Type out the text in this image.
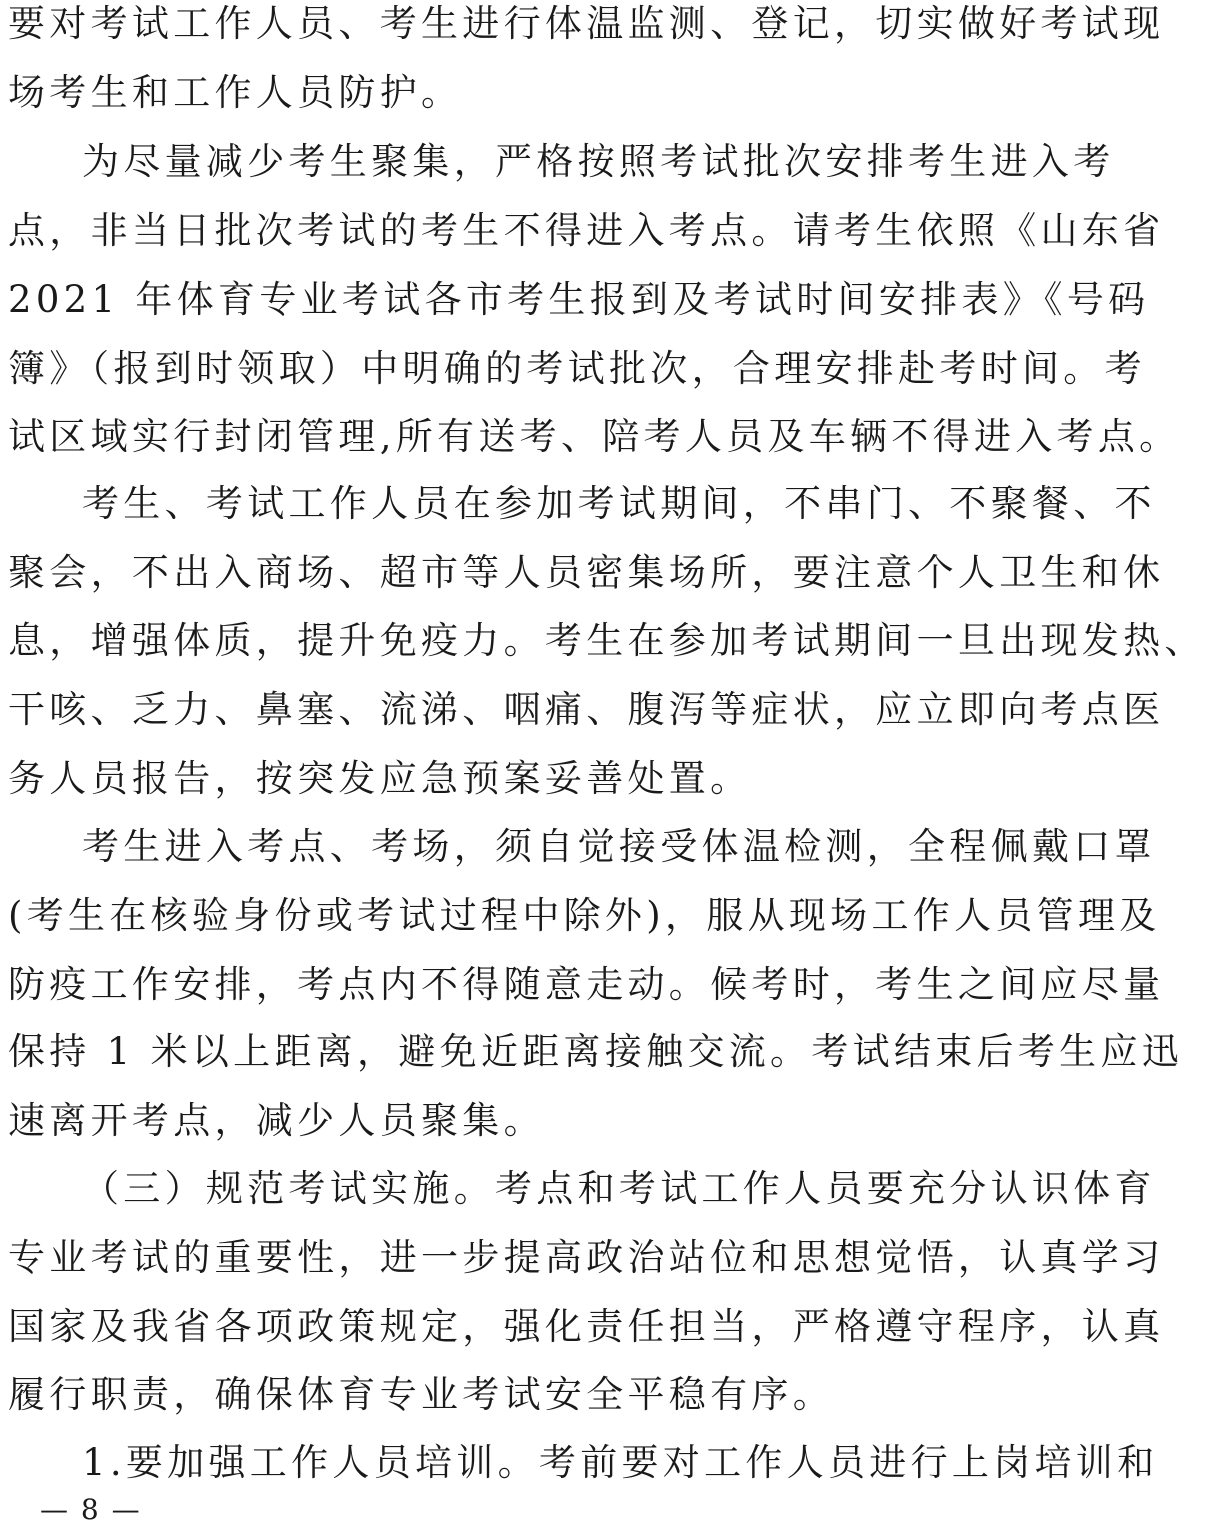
要对考试工作人员、考生进行体温监测、登记，切实做好考试现
场考生和工作人员防护。
为尽量减少考生聚集，严格按照考试批次安排考生进入考
点，非当日批次考试的考生不得进入考点。请考生依照《山东省
2021 年体育专业考试各市考生报到及考试时间安排表》《号码
簿》（报到时领取）中明确的考试批次，合理安排赴考时间。考
试区域实行封闭管理,所有送考、陪考人员及车辆不得进入考点。
考生、考试工作人员在参加考试期间，不串门、不聚餐、不
聚会，不出入商场、超市等人员密集场所，要注意个人卫生和休
息，增强体质，提升免疫力。考生在参加考试期间一旦出现发热、
干咳、乏力、鼻塞、流涕、咽痛、腹泻等症状，应立即向考点医
务人员报告，按突发应急预案妥善处置。
考生进入考点、考场，须自觉接受体温检测，全程佩戴口罩
(考生在核验身份或考试过程中除外)，服从现场工作人员管理及
防疫工作安排，考点内不得随意走动。候考时，考生之间应尽量
保持 1 米以上距离，避免近距离接触交流。考试结束后考生应迅
速离开考点，减少人员聚集。
（三）规范考试实施。考点和考试工作人员要充分认识体育
专业考试的重要性，进一步提高政治站位和思想觉悟，认真学习
国家及我省各项政策规定，强化责任担当，严格遵守程序，认真
履行职责，确保体育专业考试安全平稳有序。
1.要加强工作人员培训。考前要对工作人员进行上岗培训和
— 8 —
